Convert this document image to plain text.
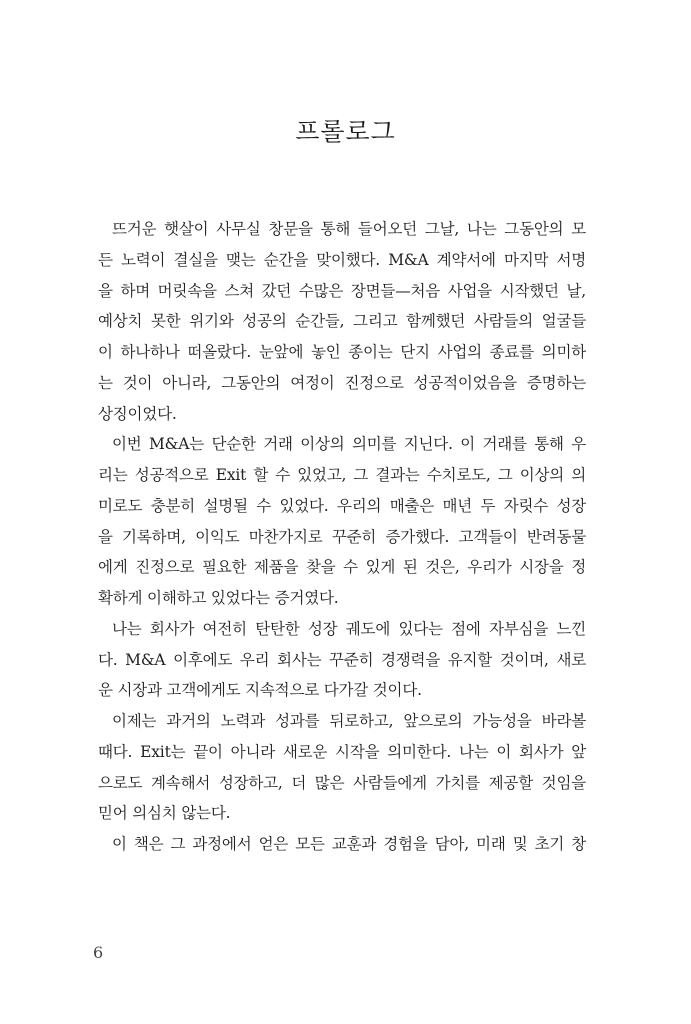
프롤로그
뜨거운 햇살이 사무실 창문을 통해 들어오던 그날, 나는 그동안의 모
든 노력이 결실을 맺는 순간을 맞이했다. M&A 계약서에 마지막 서명
을 하며 머릿속을 스쳐 갔던 수많은 장면들—처음 사업을 시작했던 날,
예상치 못한 위기와 성공의 순간들, 그리고 함께했던 사람들의 얼굴들
이 하나하나 떠올랐다. 눈앞에 놓인 종이는 단지 사업의 종료를 의미하
는 것이 아니라, 그동안의 여정이 진정으로 성공적이었음을 증명하는
상징이었다.
이번 M&A는 단순한 거래 이상의 의미를 지닌다. 이 거래를 통해 우
리는 성공적으로 Exit 할 수 있었고, 그 결과는 수치로도, 그 이상의 의
미로도 충분히 설명될 수 있었다. 우리의 매출은 매년 두 자릿수 성장
을 기록하며, 이익도 마찬가지로 꾸준히 증가했다. 고객들이 반려동물
에게 진정으로 필요한 제품을 찾을 수 있게 된 것은, 우리가 시장을 정
확하게 이해하고 있었다는 증거였다.
나는 회사가 여전히 탄탄한 성장 궤도에 있다는 점에 자부심을 느낀
다. M&A 이후에도 우리 회사는 꾸준히 경쟁력을 유지할 것이며, 새로
운 시장과 고객에게도 지속적으로 다가갈 것이다.
이제는 과거의 노력과 성과를 뒤로하고, 앞으로의 가능성을 바라볼
때다. Exit는 끝이 아니라 새로운 시작을 의미한다. 나는 이 회사가 앞
으로도 계속해서 성장하고, 더 많은 사람들에게 가치를 제공할 것임을
믿어 의심치 않는다.
이 책은 그 과정에서 얻은 모든 교훈과 경험을 담아, 미래 및 초기 창
6
